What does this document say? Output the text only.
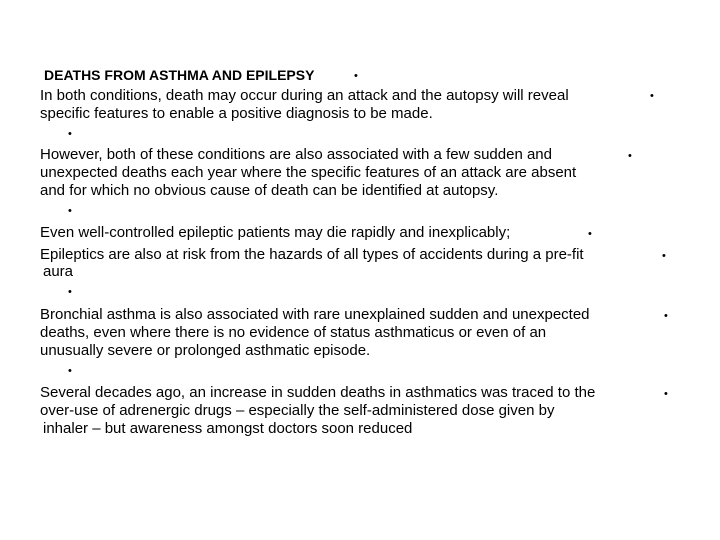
DEATHS FROM ASTHMA AND EPILEPSY	•
In both conditions, death may occur during an attack and the autopsy will reveal	•
specific features to enable a positive diagnosis to be made.
•
However, both of these conditions are also associated with a few sudden and	•
unexpected deaths each year where the specific features of an attack are absent
and for which no obvious cause of death can be identified at autopsy.
•
Even well-controlled epileptic patients may die rapidly and inexplicably;	•
Epileptics are also at risk from the hazards of all types of accidents during a pre-fit	•
aura
•
Bronchial asthma is also associated with rare unexplained sudden and unexpected	•
deaths, even where there is no evidence of status asthmaticus or even of an
unusually severe or prolonged asthmatic episode.
•
Several decades ago, an increase in sudden deaths in asthmatics was traced to the	•
over-use of adrenergic drugs – especially the self-administered dose given by
inhaler – but awareness amongst doctors soon reduced
